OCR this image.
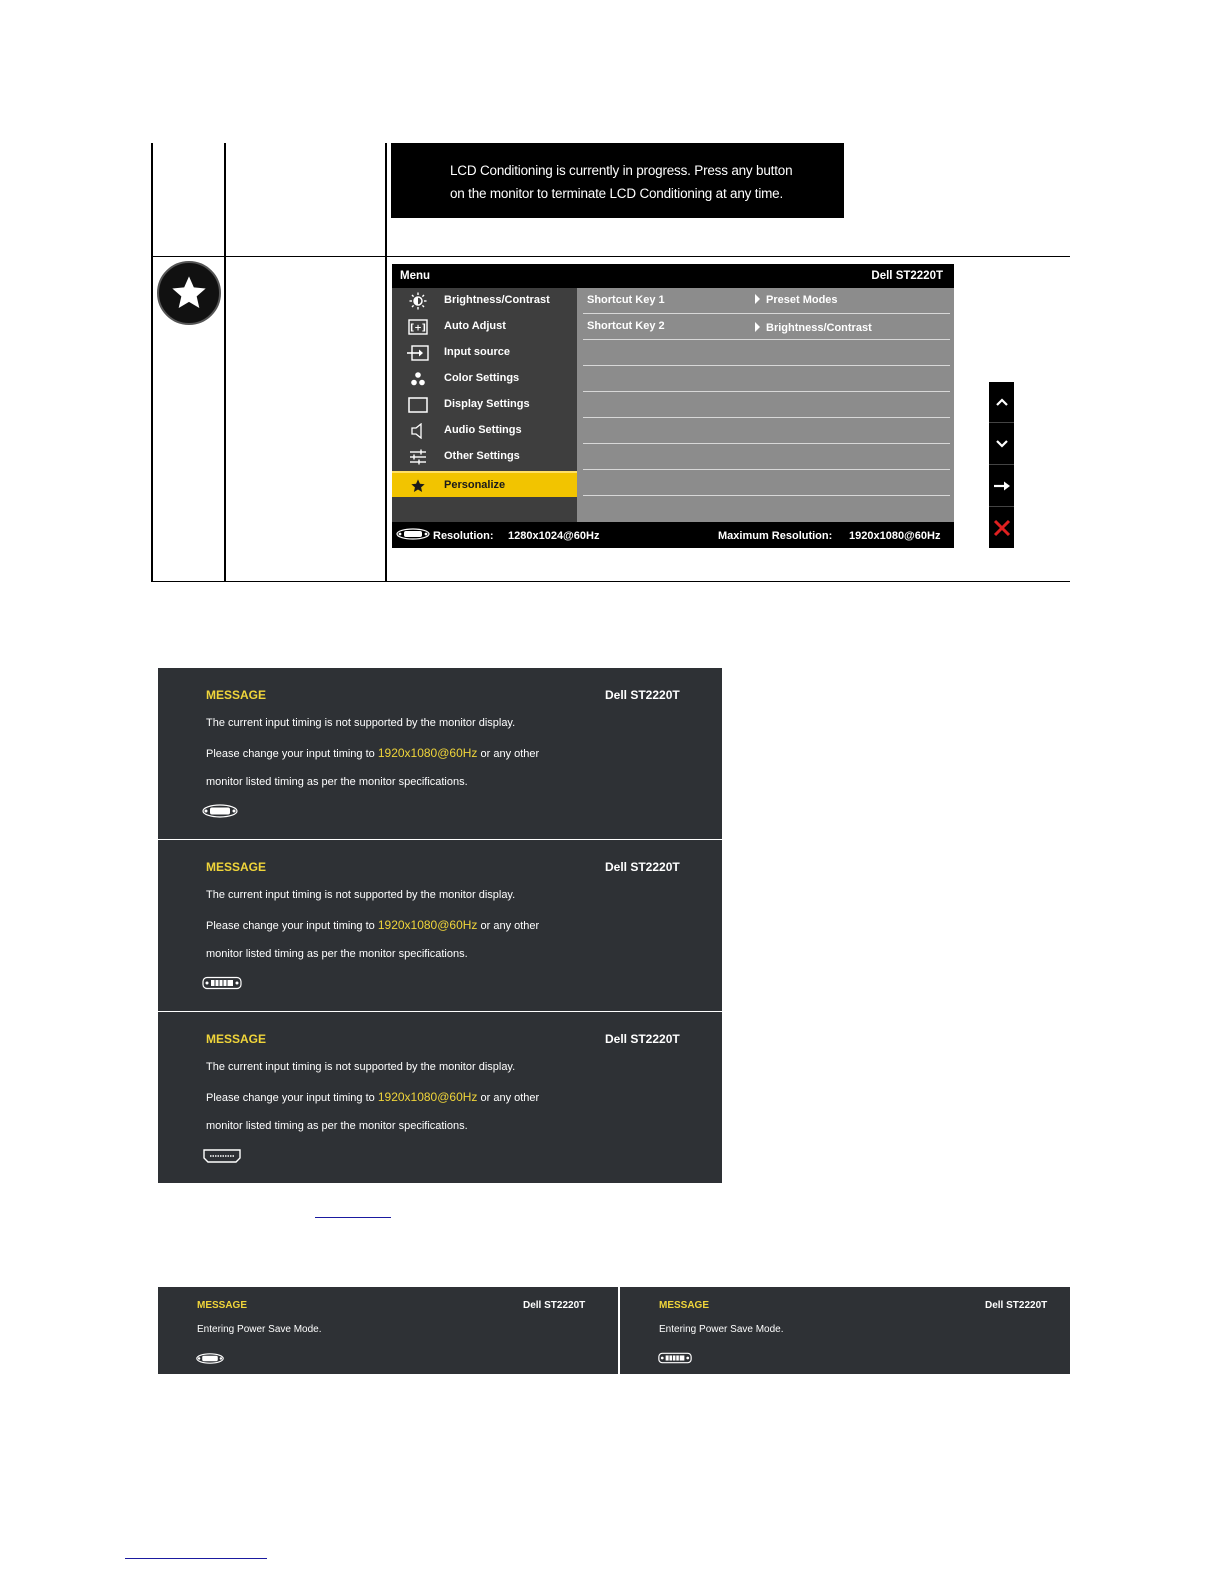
LCD Conditioning is currently in progress. Press any button
on the monitor to terminate LCD Conditioning at any time.
Menu	Dell ST2220T
Brightness/Contrast
[+] Auto Adjust
Input source
Color Settings
Display Settings
Audio Settings
Other Settings
Personalize
Shortcut Key 1	Preset Modes
Shortcut Key 2	Brightness/Contrast
Resolution: 1280x1024@60Hz	Maximum Resolution: 1920x1080@60Hz
MESSAGE	Dell ST2220T
The current input timing is not supported by the monitor display.
Please change your input timing to 1920x1080@60Hz or any other
monitor listed timing as per the monitor specifications.
MESSAGE	Dell ST2220T
The current input timing is not supported by the monitor display.
Please change your input timing to 1920x1080@60Hz or any other
monitor listed timing as per the monitor specifications.
MESSAGE	Dell ST2220T
The current input timing is not supported by the monitor display.
Please change your input timing to 1920x1080@60Hz or any other
monitor listed timing as per the monitor specifications.
MESSAGE	Dell ST2220T
Entering Power Save Mode.
MESSAGE	Dell ST2220T
Entering Power Save Mode.
